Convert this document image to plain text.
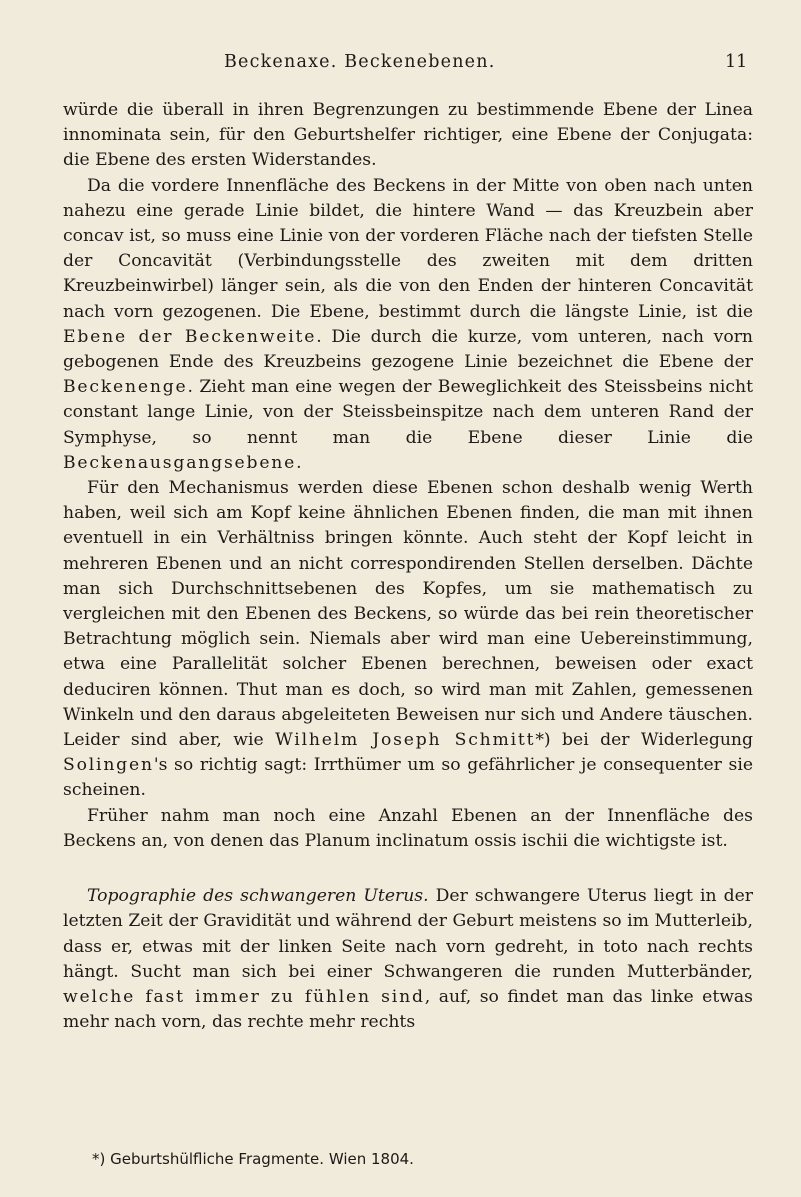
Beckenaxe. Beckenebenen.	11

würde die überall in ihren Begrenzungen zu bestimmende Ebene der Linea innominata sein, für den Geburtshelfer richtiger, eine Ebene der Conjugata: die Ebene des ersten Widerstandes.

Da die vordere Innenfläche des Beckens in der Mitte von oben nach unten nahezu eine gerade Linie bildet, die hintere Wand — das Kreuzbein aber concav ist, so muss eine Linie von der vorderen Fläche nach der tiefsten Stelle der Concavität (Verbindungsstelle des zweiten mit dem dritten Kreuzbeinwirbel) länger sein, als die von den Enden der hinteren Concavität nach vorn gezogenen. Die Ebene, bestimmt durch die längste Linie, ist die Ebene der Beckenweite. Die durch die kurze, vom unteren, nach vorn gebogenen Ende des Kreuzbeins gezogene Linie bezeichnet die Ebene der Beckenenge. Zieht man eine wegen der Beweglichkeit des Steissbeins nicht constant lange Linie, von der Steissbeinspitze nach dem unteren Rand der Symphyse, so nennt man die Ebene dieser Linie die Beckenausgangsebene.

Für den Mechanismus werden diese Ebenen schon deshalb wenig Werth haben, weil sich am Kopf keine ähnlichen Ebenen finden, die man mit ihnen eventuell in ein Verhältniss bringen könnte. Auch steht der Kopf leicht in mehreren Ebenen und an nicht correspondirenden Stellen derselben. Dächte man sich Durchschnittsebenen des Kopfes, um sie mathematisch zu vergleichen mit den Ebenen des Beckens, so würde das bei rein theoretischer Betrachtung möglich sein. Niemals aber wird man eine Uebereinstimmung, etwa eine Parallelität solcher Ebenen berechnen, beweisen oder exact deduciren können. Thut man es doch, so wird man mit Zahlen, gemessenen Winkeln und den daraus abgeleiteten Beweisen nur sich und Andere täuschen. Leider sind aber, wie Wilhelm Joseph Schmitt*) bei der Widerlegung Solingen's so richtig sagt: Irrthümer um so gefährlicher je consequenter sie scheinen.

Früher nahm man noch eine Anzahl Ebenen an der Innenfläche des Beckens an, von denen das Planum inclinatum ossis ischii die wichtigste ist.

Topographie des schwangeren Uterus. Der schwangere Uterus liegt in der letzten Zeit der Gravidität und während der Geburt meistens so im Mutterleib, dass er, etwas mit der linken Seite nach vorn gedreht, in toto nach rechts hängt. Sucht man sich bei einer Schwangeren die runden Mutterbänder, welche fast immer zu fühlen sind, auf, so findet man das linke etwas mehr nach vorn, das rechte mehr rechts

*) Geburtshülfliche Fragmente. Wien 1804.
